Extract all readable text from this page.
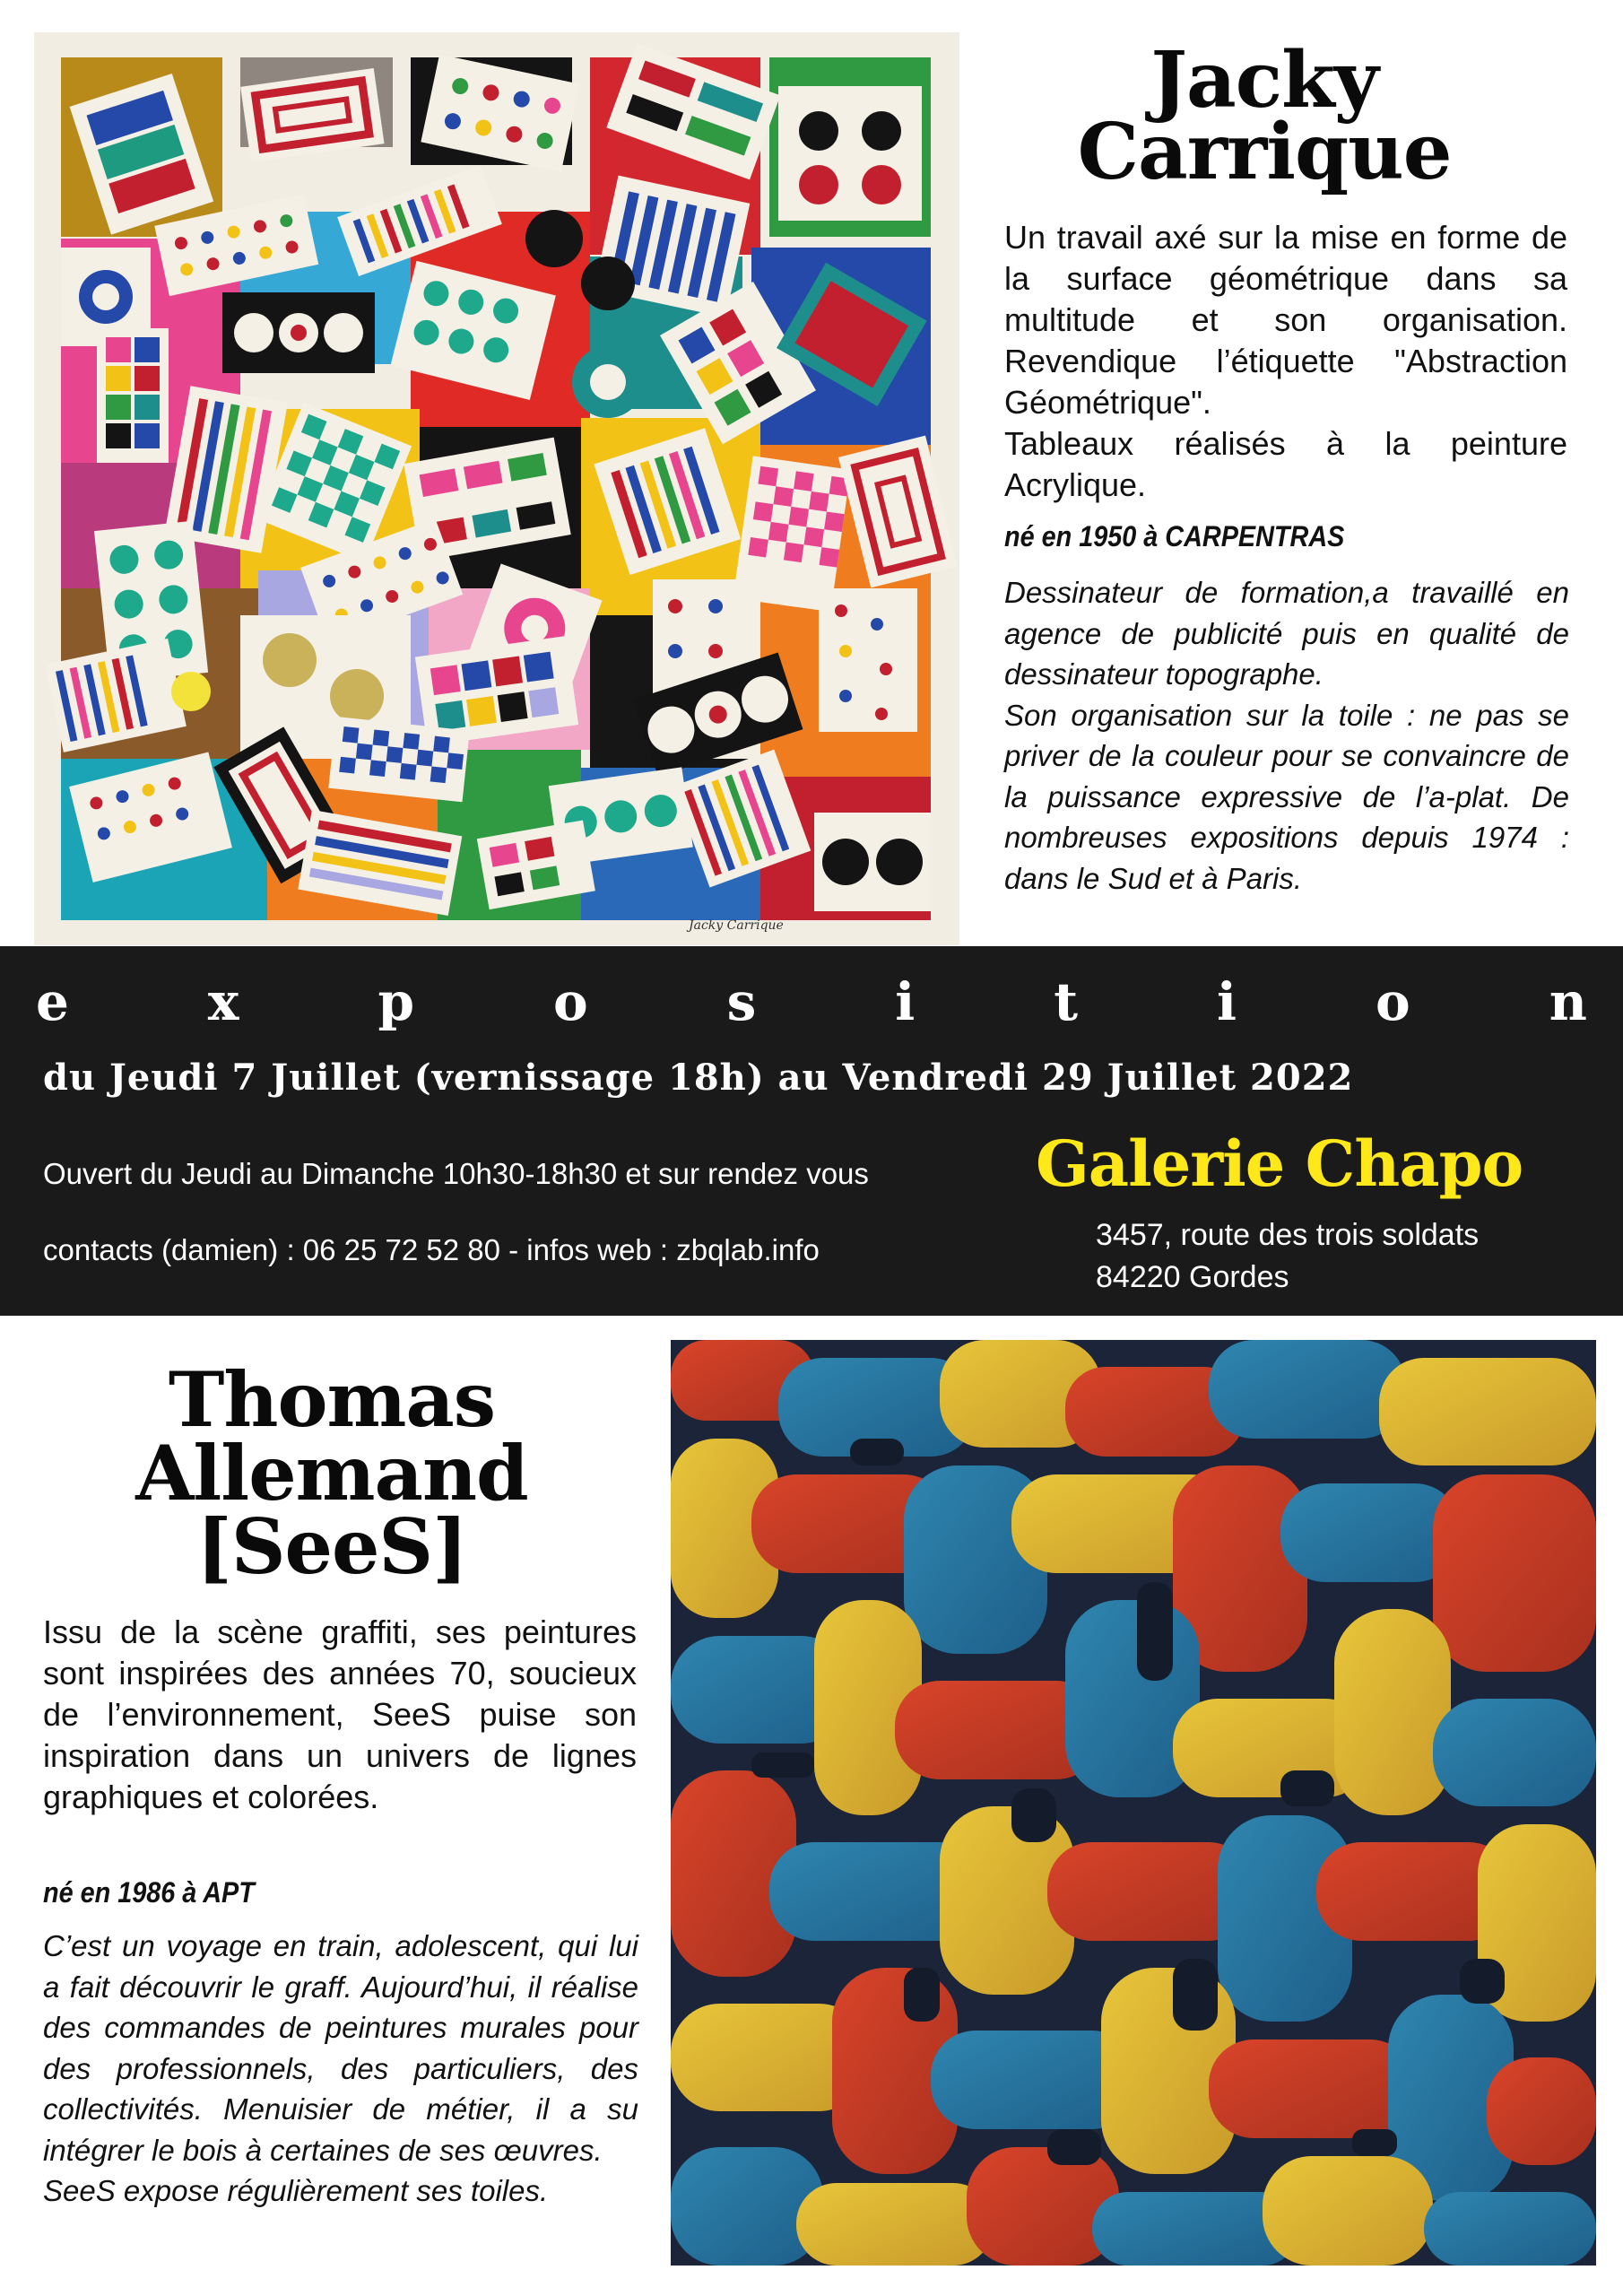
Jacky Carrique
Jacky
Carrique

Un travail axé sur la mise en forme de la surface géométrique dans sa multitude et son organisation. Revendique l’étiquette "Abstraction Géométrique".

Tableaux réalisés à la peinture Acrylique.

né en 1950 à CARPENTRAS

Dessinateur de formation,a travaillé en agence de publicité puis en qualité de dessinateur topographe.

Son organisation sur la toile : ne pas se priver de la couleur pour se convaincre de la puissance expressive de l’a-plat. De nombreuses expositions depuis 1974 : dans le Sud et à Paris.

e	x	p	o	s	i	t	i	o	n
du Jeudi 7 Juillet (vernissage 18h) au Vendredi 29 Juillet 2022
Ouvert du Jeudi au Dimanche 10h30-18h30 et sur rendez vous
contacts (damien) : 06 25 72 52 80 - infos web : zbqlab.info
Galerie Chapo
3457, route des trois soldats
84220 Gordes
Thomas
Allemand
[SeeS]

Issu de la scène graffiti, ses peintures sont inspirées des années 70, soucieux de l’environnement, SeeS puise son inspiration dans un univers de lignes graphiques et colorées.

né en 1986 à APT

C’est un voyage en train, adolescent, qui lui a fait découvrir le graff. Aujourd’hui, il réalise des commandes de peintures murales pour des professionnels, des particuliers, des collectivités. Menuisier de métier, il a su intégrer le bois à certaines de ses œuvres.

SeeS expose régulièrement ses toiles.
